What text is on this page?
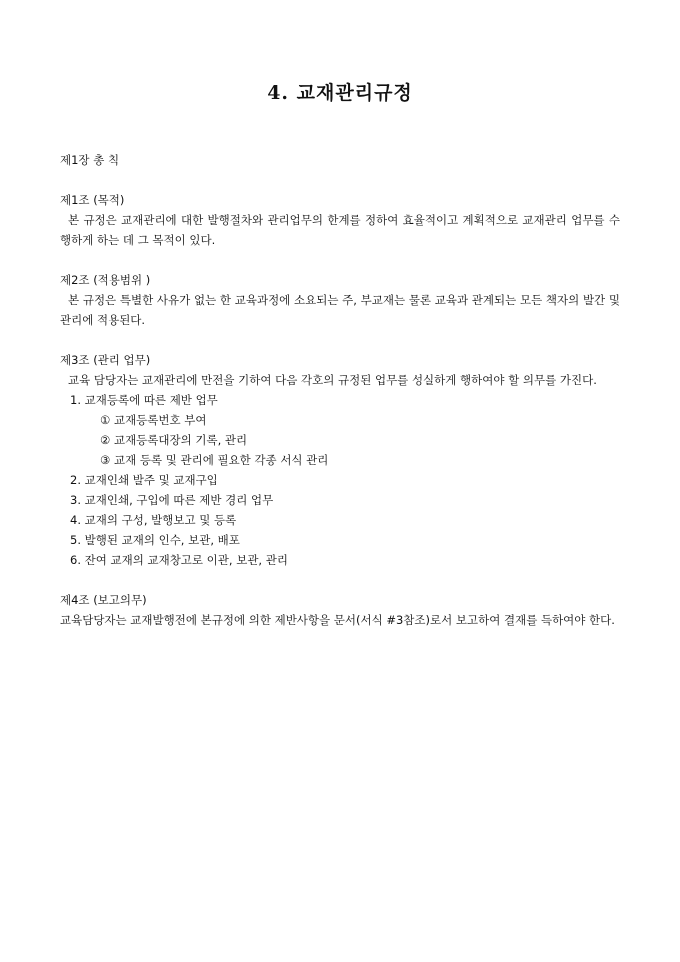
4. 교재관리규정
제1장 총 칙
제1조 (목적)

본 규정은 교재관리에 대한 발행절차와 관리업무의 한계를 정하여 효율적이고 계획적으로 교재관리 업무를 수행하게 하는 데 그 목적이 있다.

제2조 (적용범위 )

본 규정은 특별한 사유가 없는 한 교육과정에 소요되는 주, 부교재는 물론 교육과 관계되는 모든 책자의 발간 및 관리에 적용된다.

제3조 (관리 업무)

교육 담당자는 교재관리에 만전을 기하여 다음 각호의 규정된 업무를 성실하게 행하여야 할 의무를 가진다.

1. 교재등록에 따른 제반 업무
① 교재등록번호 부여
② 교재등록대장의 기록, 관리
③ 교재 등록 및 관리에 필요한 각종 서식 관리
2. 교재인쇄 발주 및 교재구입
3. 교재인쇄, 구입에 따른 제반 경리 업무
4. 교재의 구성, 발행보고 및 등록
5. 발행된 교재의 인수, 보관, 배포
6. 잔여 교재의 교재창고로 이관, 보관, 관리
제4조 (보고의무)

교육담당자는 교재발행전에 본규정에 의한 제반사항을 문서(서식 #3참조)로서 보고하여 결재를 득하여야 한다.
